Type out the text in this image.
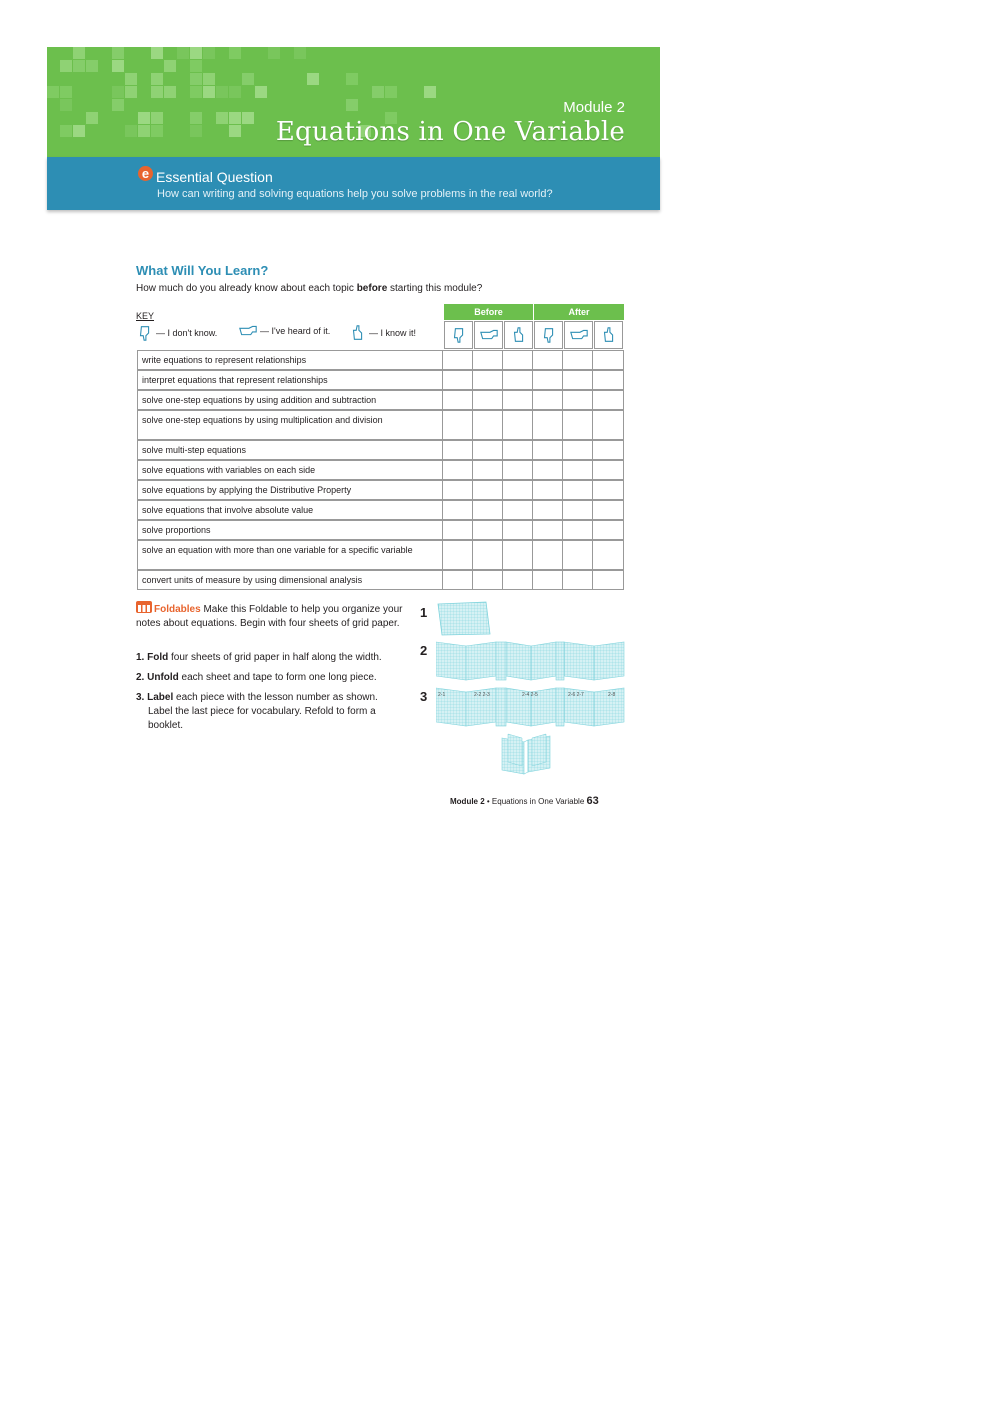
Module 2
Equations in One Variable
e Essential Question
How can writing and solving equations help you solve problems in the real world?
What Will You Learn?
How much do you already know about each topic before starting this module?
KEY
— I don't know.	— I've heard of it.	— I know it!
Before	After
write equations to represent relationships
interpret equations that represent relationships
solve one-step equations by using addition and subtraction
solve one-step equations by using multiplication and division
solve multi-step equations
solve equations with variables on each side
solve equations by applying the Distributive Property
solve equations that involve absolute value
solve proportions
solve an equation with more than one variable for a specific variable
convert units of measure by using dimensional analysis
Foldables Make this Foldable to help you organize your notes about equations. Begin with four sheets of grid paper.
1. Fold four sheets of grid paper in half along the width.
2. Unfold each sheet and tape to form one long piece.
3. Label each piece with the lesson number as shown.
Label the last piece for vocabulary. Refold to form a booklet.
1
2
3 2-1	2-2 2-3	2-4 2-5	2-6 2-7	2-8
Module 2 • Equations in One Variable 63
